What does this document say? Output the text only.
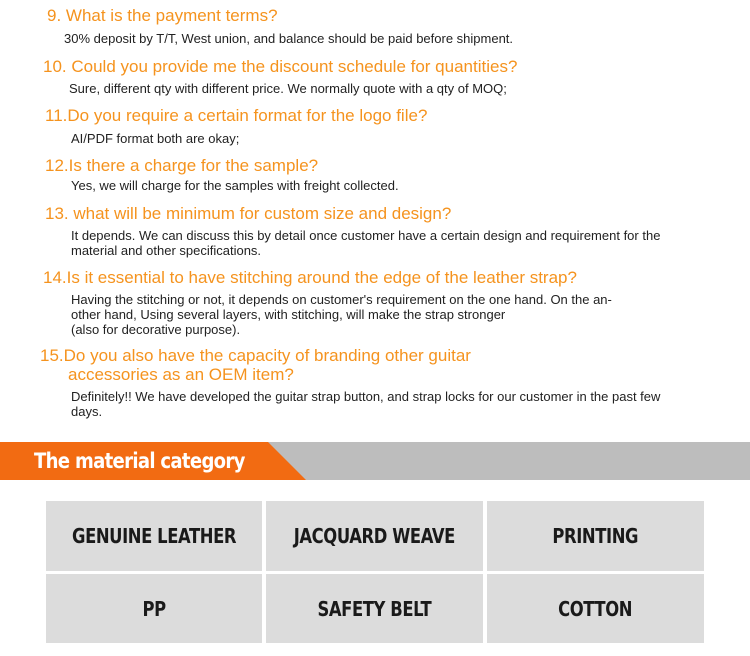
9. What is the payment terms?

30% deposit by T/T, West union, and balance should be paid before shipment.

10. Could you provide me the discount schedule for quantities?

Sure, different qty with different price. We normally quote with a qty of MOQ;

11.Do you require a certain format for the logo file?

AI/PDF format both are okay;

12.Is there a charge for the sample?

Yes, we will charge for the samples with freight collected.

13. what will be minimum for custom size and design?

It depends. We can discuss this by detail once customer have a certain design and requirement for the

material and other specifications.

14.Is it essential to have stitching around the edge of the leather strap?

Having the stitching or not, it depends on customer's requirement on the one hand. On the an-

other hand, Using several layers, with stitching, will make the strap stronger

(also for decorative purpose).

15.Do you also have the capacity of branding other guitar
accessories as an OEM item?

Definitely!! We have developed the guitar strap button, and strap locks for our customer in the past few

days.

The material category
GENUINE LEATHER	JACQUARD WEAVE	PRINTING
PP	SAFETY BELT	COTTON
